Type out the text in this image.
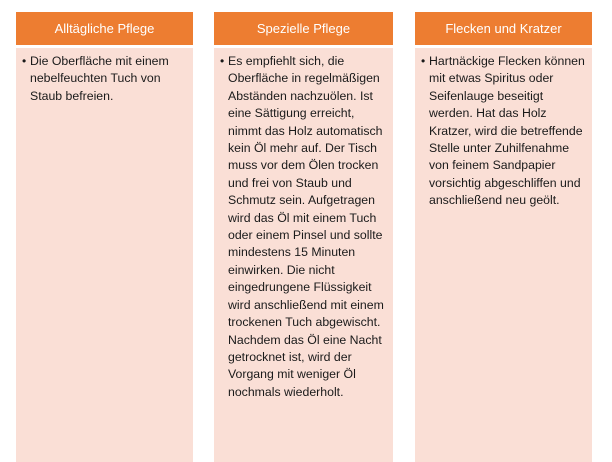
Alltägliche Pflege
• Die Oberfläche mit einem nebelfeuchten Tuch von Staub befreien.
Spezielle Pflege
• Es empfiehlt sich, die Oberfläche in regelmäßigen Abständen nachzuölen. Ist eine Sättigung erreicht, nimmt das Holz automatisch kein Öl mehr auf. Der Tisch muss vor dem Ölen trocken und frei von Staub und Schmutz sein. Aufgetragen wird das Öl mit einem Tuch oder einem Pinsel und sollte mindestens 15 Minuten einwirken. Die nicht eingedrungene Flüssigkeit wird anschließend mit einem trockenen Tuch abgewischt. Nachdem das Öl eine Nacht getrocknet ist, wird der Vorgang mit weniger Öl nochmals wiederholt.
Flecken und Kratzer
• Hartnäckige Flecken können mit etwas Spiritus oder Seifenlauge beseitigt werden. Hat das Holz Kratzer, wird die betreffende Stelle unter Zuhilfenahme von feinem Sandpapier vorsichtig abgeschliffen und anschließend neu geölt.
